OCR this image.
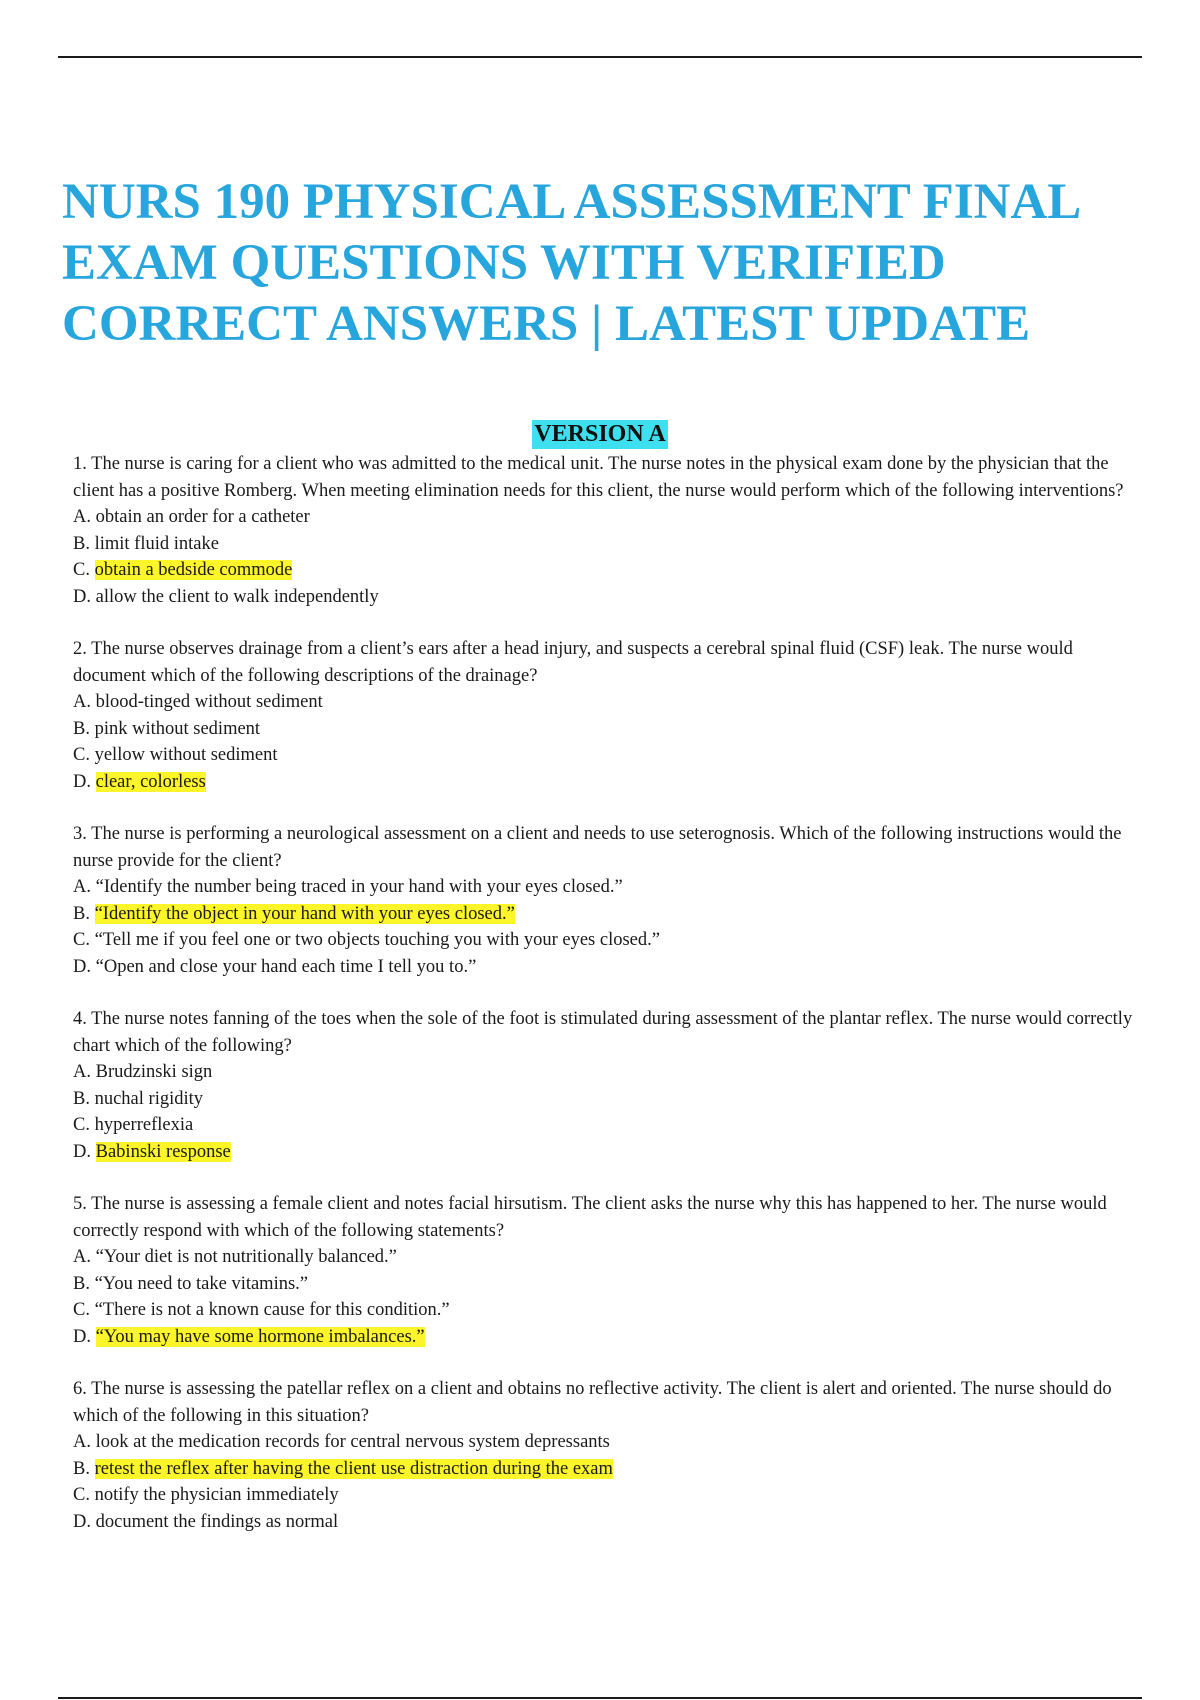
NURS 190 PHYSICAL ASSESSMENT FINAL EXAM QUESTIONS WITH VERIFIED CORRECT ANSWERS | LATEST UPDATE
VERSION A

1. The nurse is caring for a client who was admitted to the medical unit. The nurse notes in the physical exam done by the physician that the client has a positive Romberg. When meeting elimination needs for this client, the nurse would perform which of the following interventions?

A. obtain an order for a catheter

B. limit fluid intake

C. obtain a bedside commode

D. allow the client to walk independently

2. The nurse observes drainage from a client’s ears after a head injury, and suspects a cerebral spinal fluid (CSF) leak. The nurse would document which of the following descriptions of the drainage?

A. blood-tinged without sediment

B. pink without sediment

C. yellow without sediment

D. clear, colorless

3. The nurse is performing a neurological assessment on a client and needs to use seterognosis. Which of the following instructions would the nurse provide for the client?

A. “Identify the number being traced in your hand with your eyes closed.”

B. “Identify the object in your hand with your eyes closed.”

C. “Tell me if you feel one or two objects touching you with your eyes closed.”

D. “Open and close your hand each time I tell you to.”

4. The nurse notes fanning of the toes when the sole of the foot is stimulated during assessment of the plantar reflex. The nurse would correctly chart which of the following?

A. Brudzinski sign

B. nuchal rigidity

C. hyperreflexia

D. Babinski response

5. The nurse is assessing a female client and notes facial hirsutism. The client asks the nurse why this has happened to her. The nurse would correctly respond with which of the following statements?

A. “Your diet is not nutritionally balanced.”

B. “You need to take vitamins.”

C. “There is not a known cause for this condition.”

D. “You may have some hormone imbalances.”

6. The nurse is assessing the patellar reflex on a client and obtains no reflective activity. The client is alert and oriented. The nurse should do which of the following in this situation?

A. look at the medication records for central nervous system depressants

B. retest the reflex after having the client use distraction during the exam

C. notify the physician immediately

D. document the findings as normal
